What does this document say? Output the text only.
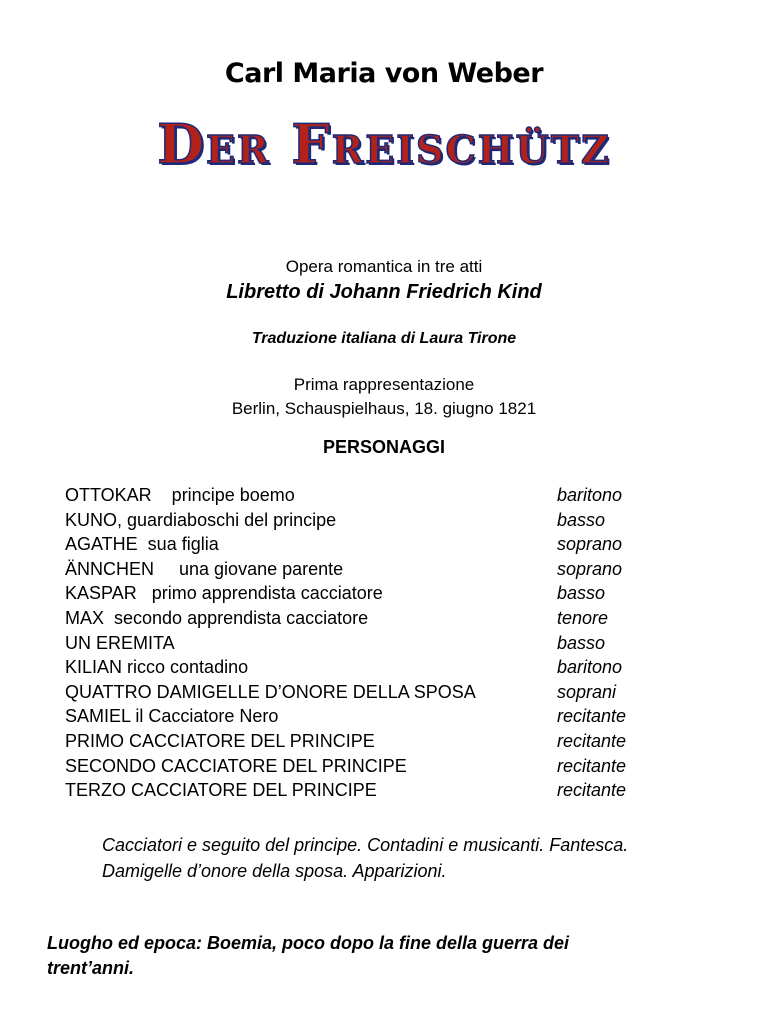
Carl Maria von Weber
Der Freischütz
Opera romantica in tre atti
Libretto di Johann Friedrich Kind
Traduzione italiana di Laura Tirone
Prima rappresentazione
Berlin, Schauspielhaus, 18. giugno 1821
PERSONAGGI
OTTOKAR    principe boemo	baritono
KUNO, guardiaboschi del principe	basso
AGATHE  sua figlia	soprano
ÄNNCHEN     una giovane parente	soprano
KASPAR   primo apprendista cacciatore	basso
MAX  secondo apprendista cacciatore	tenore
UN EREMITA	basso
KILIAN ricco contadino	baritono
QUATTRO DAMIGELLE D’ONORE DELLA SPOSA	soprani
SAMIEL il Cacciatore Nero	recitante
PRIMO CACCIATORE DEL PRINCIPE	recitante
SECONDO CACCIATORE DEL PRINCIPE	recitante
TERZO CACCIATORE DEL PRINCIPE	recitante
Cacciatori e seguito del principe. Contadini e musicanti. Fantesca.
Damigelle d’onore della sposa. Apparizioni.
Luogho ed epoca: Boemia, poco dopo la fine della guerra dei
trent’anni.
